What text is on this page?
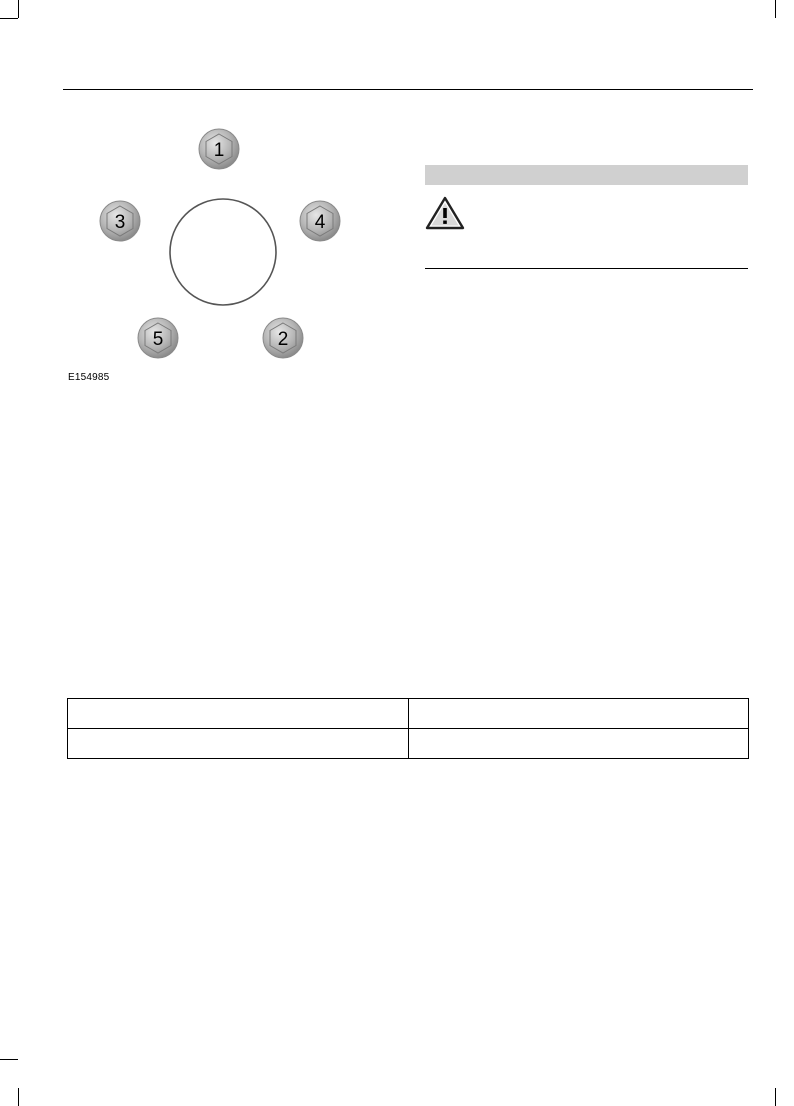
1
3	4
5	2
E154985
